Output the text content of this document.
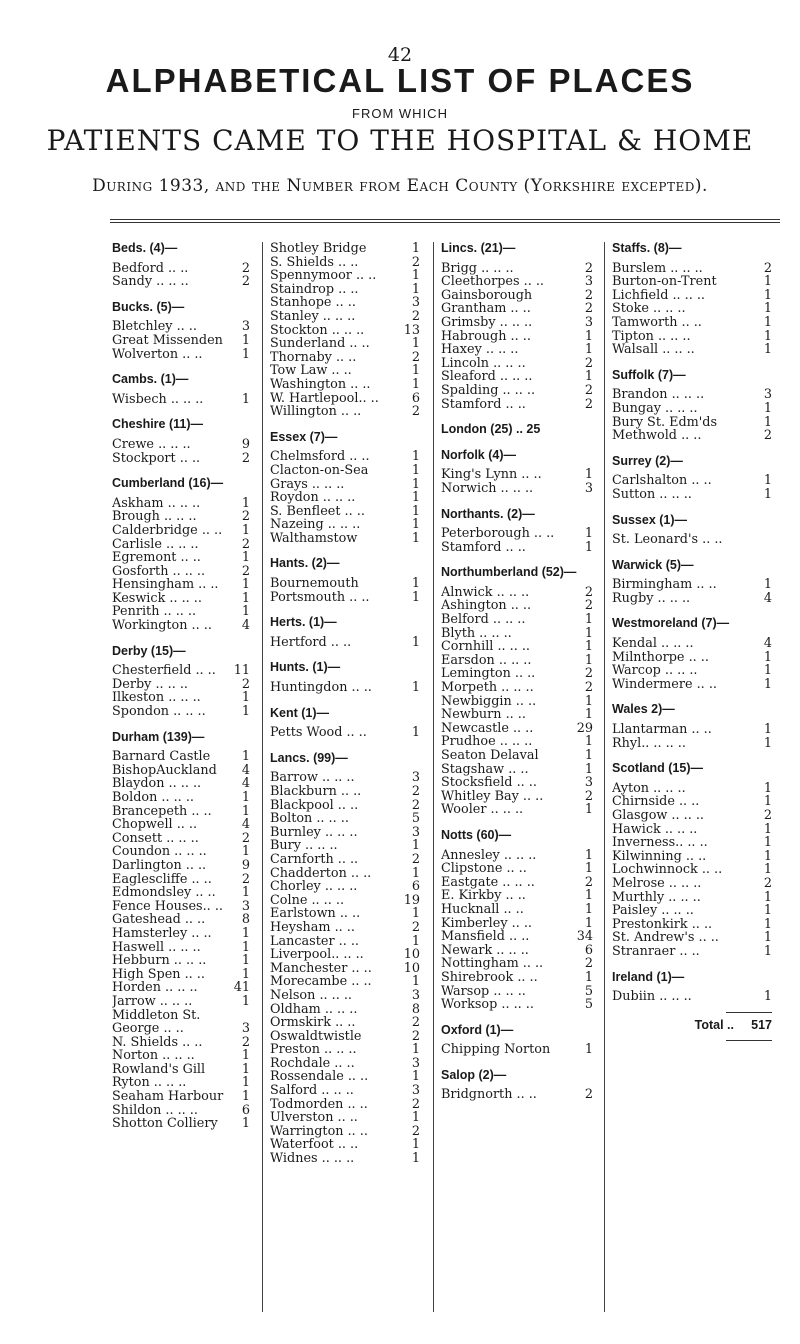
42
ALPHABETICAL LIST OF PLACES
FROM WHICH
PATIENTS CAME TO THE HOSPITAL & HOME
During 1933, and the Number from Each County (Yorkshire excepted).
Beds. (4)—
Bedford .. ..	2
Sandy .. .. ..	2
Bucks. (5)—
Bletchley .. ..	3
Great Missenden	1
Wolverton .. ..	1
Cambs. (1)—
Wisbech .. .. ..	1
Cheshire (11)—
Crewe .. .. ..	9
Stockport .. ..	2
Cumberland (16)—
Askham .. .. ..	1
Brough .. .. ..	2
Calderbridge .. ..	1
Carlisle .. .. ..	2
Egremont .. ..	1
Gosforth .. .. ..	2
Hensingham .. ..	1
Keswick .. .. ..	1
Penrith .. .. ..	1
Workington .. ..	4
Derby (15)—
Chesterfield .. ..	11
Derby .. .. ..	2
Ilkeston .. .. ..	1
Spondon .. .. ..	1
Durham (139)—
Barnard Castle	1
BishopAuckland	4
Blaydon .. .. ..	4
Boldon .. .. ..	1
Brancepeth .. ..	1
Chopwell .. ..	4
Consett .. .. ..	2
Coundon .. .. ..	1
Darlington .. ..	9
Eaglescliffe .. ..	2
Edmondsley .. ..	1
Fence Houses.. ..	3
Gateshead .. ..	8
Hamsterley .. ..	1
Haswell .. .. ..	1
Hebburn .. .. ..	1
High Spen .. ..	1
Horden .. .. ..	41
Jarrow .. .. ..	1
Middleton St.
George .. ..	3
N. Shields .. ..	2
Norton .. .. ..	1
Rowland's Gill	1
Ryton .. .. ..	1
Seaham Harbour	1
Shildon .. .. ..	6
Shotton Colliery	1
Shotley Bridge	1
S. Shields .. ..	2
Spennymoor .. ..	1
Staindrop .. ..	1
Stanhope .. ..	3
Stanley .. .. ..	2
Stockton .. .. ..	13
Sunderland .. ..	1
Thornaby .. ..	2
Tow Law .. ..	1
Washington .. ..	1
W. Hartlepool.. ..	6
Willington .. ..	2
Essex (7)—
Chelmsford .. ..	1
Clacton-on-Sea	1
Grays .. .. ..	1
Roydon .. .. ..	1
S. Benfleet .. ..	1
Nazeing .. .. ..	1
Walthamstow	1
Hants. (2)—
Bournemouth	1
Portsmouth .. ..	1
Herts. (1)—
Hertford .. ..	1
Hunts. (1)—
Huntingdon .. ..	1
Kent (1)—
Petts Wood .. ..	1
Lancs. (99)—
Barrow .. .. ..	3
Blackburn .. ..	2
Blackpool .. ..	2
Bolton .. .. ..	5
Burnley .. .. ..	3
Bury .. .. ..	1
Carnforth .. ..	2
Chadderton .. ..	1
Chorley .. .. ..	6
Colne .. .. ..	19
Earlstown .. ..	1
Heysham .. ..	2
Lancaster .. ..	1
Liverpool.. .. ..	10
Manchester .. ..	10
Morecambe .. ..	1
Nelson .. .. ..	3
Oldham .. .. ..	8
Ormskirk .. ..	2
Oswaldtwistle	2
Preston .. .. ..	1
Rochdale .. ..	3
Rossendale .. ..	1
Salford .. .. ..	3
Todmorden .. ..	2
Ulverston .. ..	1
Warrington .. ..	2
Waterfoot .. ..	1
Widnes .. .. ..	1
Lincs. (21)—
Brigg .. .. ..	2
Cleethorpes .. ..	3
Gainsborough	2
Grantham .. ..	2
Grimsby .. .. ..	3
Habrough .. ..	1
Haxey .. .. ..	1
Lincoln .. .. ..	2
Sleaford .. .. ..	1
Spalding .. .. ..	2
Stamford .. ..	2
London (25) .. 25
Norfolk (4)—
King's Lynn .. ..	1
Norwich .. .. ..	3
Northants. (2)—
Peterborough .. ..	1
Stamford .. ..	1
Northumberland (52)—
Alnwick .. .. ..	2
Ashington .. ..	2
Belford .. .. ..	1
Blyth .. .. ..	1
Cornhill .. .. ..	1
Earsdon .. .. ..	1
Lemington .. ..	2
Morpeth .. .. ..	2
Newbiggin .. ..	1
Newburn .. ..	1
Newcastle .. ..	29
Prudhoe .. .. ..	1
Seaton Delaval	1
Stagshaw .. ..	1
Stocksfield .. ..	3
Whitley Bay .. ..	2
Wooler .. .. ..	1
Notts (60)—
Annesley .. .. ..	1
Clipstone .. ..	1
Eastgate .. .. ..	2
E. Kirkby .. ..	1
Hucknall .. ..	1
Kimberley .. ..	1
Mansfield .. ..	34
Newark .. .. ..	6
Nottingham .. ..	2
Shirebrook .. ..	1
Warsop .. .. ..	5
Worksop .. .. ..	5
Oxford (1)—
Chipping Norton	1
Salop (2)—
Bridgnorth .. ..	2
Staffs. (8)—
Burslem .. .. ..	2
Burton-on-Trent	1
Lichfield .. .. ..	1
Stoke .. .. ..	1
Tamworth .. ..	1
Tipton .. .. ..	1
Walsall .. .. ..	1
Suffolk (7)—
Brandon .. .. ..	3
Bungay .. .. ..	1
Bury St. Edm'ds	1
Methwold .. ..	2
Surrey (2)—
Carlshalton .. ..	1
Sutton .. .. ..	1
Sussex (1)—
St. Leonard's .. ..
Warwick (5)—
Birmingham .. ..	1
Rugby .. .. ..	4
Westmoreland (7)—
Kendal .. .. ..	4
Milnthorpe .. ..	1
Warcop .. .. ..	1
Windermere .. ..	1
Wales 2)—
Llantarman .. ..	1
Rhyl.. .. .. ..	1
Scotland (15)—
Ayton .. .. ..	1
Chirnside .. ..	1
Glasgow .. .. ..	2
Hawick .. .. ..	1
Inverness.. .. ..	1
Kilwinning .. ..	1
Lochwinnock .. ..	1
Melrose .. .. ..	2
Murthly .. .. ..	1
Paisley .. .. ..	1
Prestonkirk .. ..	1
St. Andrew's .. ..	1
Stranraer .. ..	1
Ireland (1)—
Dubiin .. .. ..	1
Total ..	517
